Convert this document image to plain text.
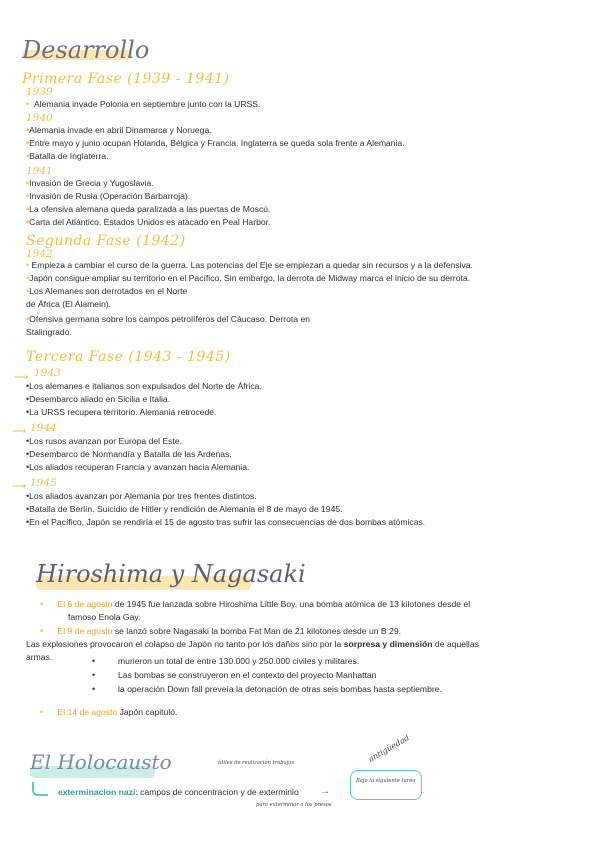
Desarrollo
Primera Fase (1939 - 1941)
1939
• Alemania invade Polonia en septiembre junto con la URSS.
1940
•Alemania invade en abril Dinamarca y Noruega.
•Entre mayo y junio ocupan Holanda, Bélgica y Francia. Inglaterra se queda sola frente a Alemania.
•Batalla de Inglaterra.
1941
•Invasión de Grecia y Yugoslavia.
•Invasión de Rusia (Operación Barbarroja).
•La ofensiva alemana queda paralizada a las puertas de Moscú.
•Carta del Atlántico. Estados Unidos es atacado en Peal Harbor.
Segunda Fase (1942)
1942
• Empieza a cambiar el curso de la guerra. Las potencias del Eje se empiezan a quedar sin recursos y a la defensiva.
•Japón consigue ampliar su territorio en el Pacífico. Sin embargo, la derrota de Midway marca el inicio de su derrota.
•Los Alemanes son derrotados en el Norte
de África (El Alamein).
•Ofensiva germana sobre los campos petrolíferos del Cáucaso. Derrota en
Stalingrado.
Tercera Fase (1943 - 1945)
⟶ 1943
•Los alemanes e italianos son expulsados del Norte de África.
•Desembarco aliado en Sicilia e Italia.
•La URSS recupera territorio. Alemania retrocede.
⟶ 1944
•Los rusos avanzan por Europa del Este.
•Desembarco de Normandía y Batalla de las Ardenas.
•Los aliados recuperan Francia y avanzan hacia Alemania.
⟶ 1945
•Los aliados avanzan por Alemania por tres frentes distintos.
•Batalla de Berlín. Suicidio de Hitler y rendición de Alemania el 8 de mayo de 1945.
•En el Pacífico, Japón se rendiría el 15 de agosto tras sufrir las consecuencias de dos bombas atómicas.
Hiroshima y Nagasaki
• El 6 de agosto de 1945 fue lanzada sobre Hiroshima Little Boy, una bomba atómica de 13 kilotones desde el
famoso Enola Gay.
• El 9 de agosto se lanzó sobre Nagasaki la bomba Fat Man de 21 kilotones desde un B 29.
Las explosiones provocaron el colapso de Japón no tanto por los daños sino por la sorpresa y dimensión de aquellas
armas.	•	murieron un total de entre 130.000 y 250.000 civiles y militares.
•	Las bombas se construyeron en el contexto del proyecto Manhattan
•	la operación Down fall preveía la detonación de otras seis bombas hasta septiembre.
• El 14 de agosto Japón capituló.
El Holocausto
exterminacion nazi: campos de concentracion y de exterminio
útiles de realización trabajos
para exterminar a los presos
→
Bajo la siguiente tarea
antigüedad
